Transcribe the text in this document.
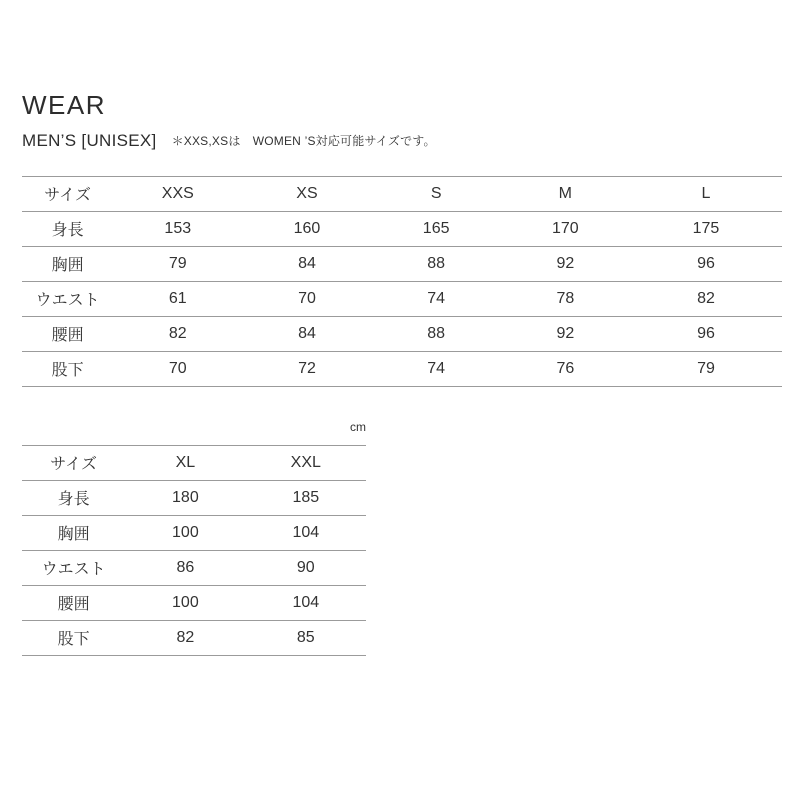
WEAR
MEN’S [UNISEX] ＊XXS,XSは　WOMEN ’S対応可能サイズです。
サイズ	XXS	XS	S	M	L
身長	153	160	165	170	175
胸囲	79	84	88	92	96
ウエスト	61	70	74	78	82
腰囲	82	84	88	92	96
股下	70	72	74	76	79
cm
サイズ	XL	XXL
身長	180	185
胸囲	100	104
ウエスト	86	90
腰囲	100	104
股下	82	85
